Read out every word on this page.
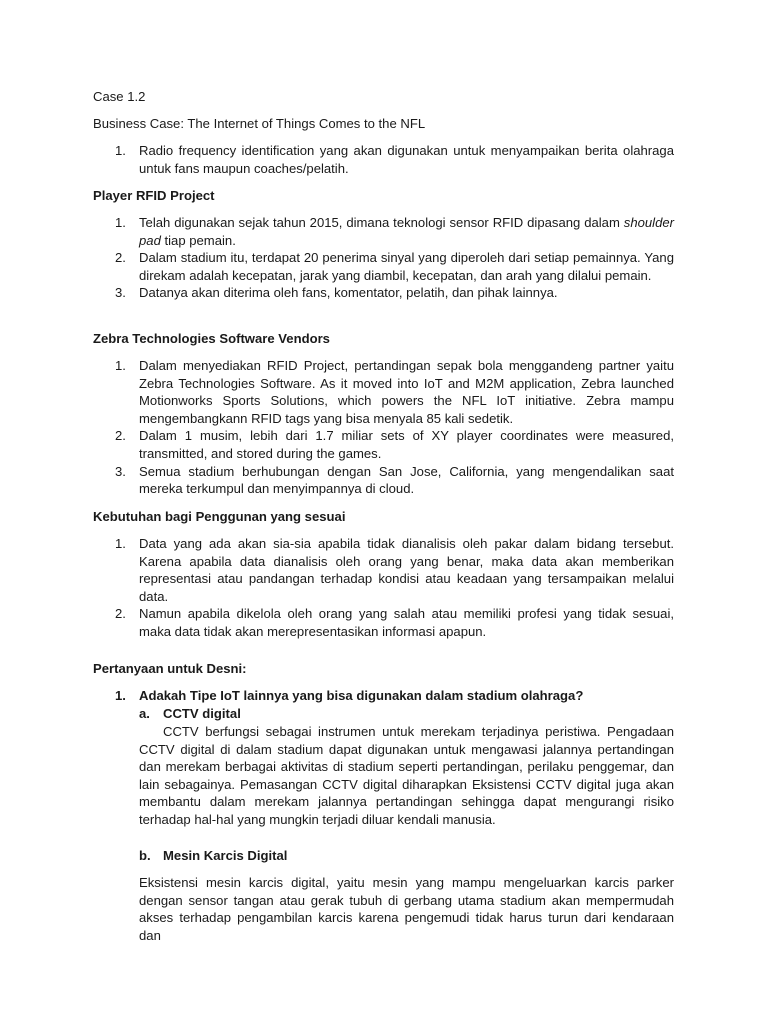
Case 1.2

Business Case: The Internet of Things Comes to the NFL

1. Radio frequency identification yang akan digunakan untuk menyampaikan berita olahraga untuk fans maupun coaches/pelatih.

Player RFID Project

1. Telah digunakan sejak tahun 2015, dimana teknologi sensor RFID dipasang dalam shoulder pad tiap pemain.
2. Dalam stadium itu, terdapat 20 penerima sinyal yang diperoleh dari setiap pemainnya. Yang direkam adalah kecepatan, jarak yang diambil, kecepatan, dan arah yang dilalui pemain.
3. Datanya akan diterima oleh fans, komentator, pelatih, dan pihak lainnya.

Zebra Technologies Software Vendors

1. Dalam menyediakan RFID Project, pertandingan sepak bola menggandeng partner yaitu Zebra Technologies Software. As it moved into IoT and M2M application, Zebra launched Motionworks Sports Solutions, which powers the NFL IoT initiative. Zebra mampu mengembangkann RFID tags yang bisa menyala 85 kali sedetik.
2. Dalam 1 musim, lebih dari 1.7 miliar sets of XY player coordinates were measured, transmitted, and stored during the games.
3. Semua stadium berhubungan dengan San Jose, California, yang mengendalikan saat mereka terkumpul dan menyimpannya di cloud.

Kebutuhan bagi Penggunan yang sesuai

1. Data yang ada akan sia-sia apabila tidak dianalisis oleh pakar dalam bidang tersebut. Karena apabila data dianalisis oleh orang yang benar, maka data akan memberikan representasi atau pandangan terhadap kondisi atau keadaan yang tersampaikan melalui data.
2. Namun apabila dikelola oleh orang yang salah atau memiliki profesi yang tidak sesuai, maka data tidak akan merepresentasikan informasi apapun.

Pertanyaan untuk Desni:

1. Adakah Tipe IoT lainnya yang bisa digunakan dalam stadium olahraga?
a. CCTV digital

CCTV berfungsi sebagai instrumen untuk merekam terjadinya peristiwa. Pengadaan CCTV digital di dalam stadium dapat digunakan untuk mengawasi jalannya pertandingan dan merekam berbagai aktivitas di stadium seperti pertandingan, perilaku penggemar, dan lain sebagainya. Pemasangan CCTV digital diharapkan Eksistensi CCTV digital juga akan membantu dalam merekam jalannya pertandingan sehingga dapat mengurangi risiko terhadap hal-hal yang mungkin terjadi diluar kendali manusia.

b. Mesin Karcis Digital

Eksistensi mesin karcis digital, yaitu mesin yang mampu mengeluarkan karcis parker dengan sensor tangan atau gerak tubuh di gerbang utama stadium akan mempermudah akses terhadap pengambilan karcis karena pengemudi tidak harus turun dari kendaraan dan
